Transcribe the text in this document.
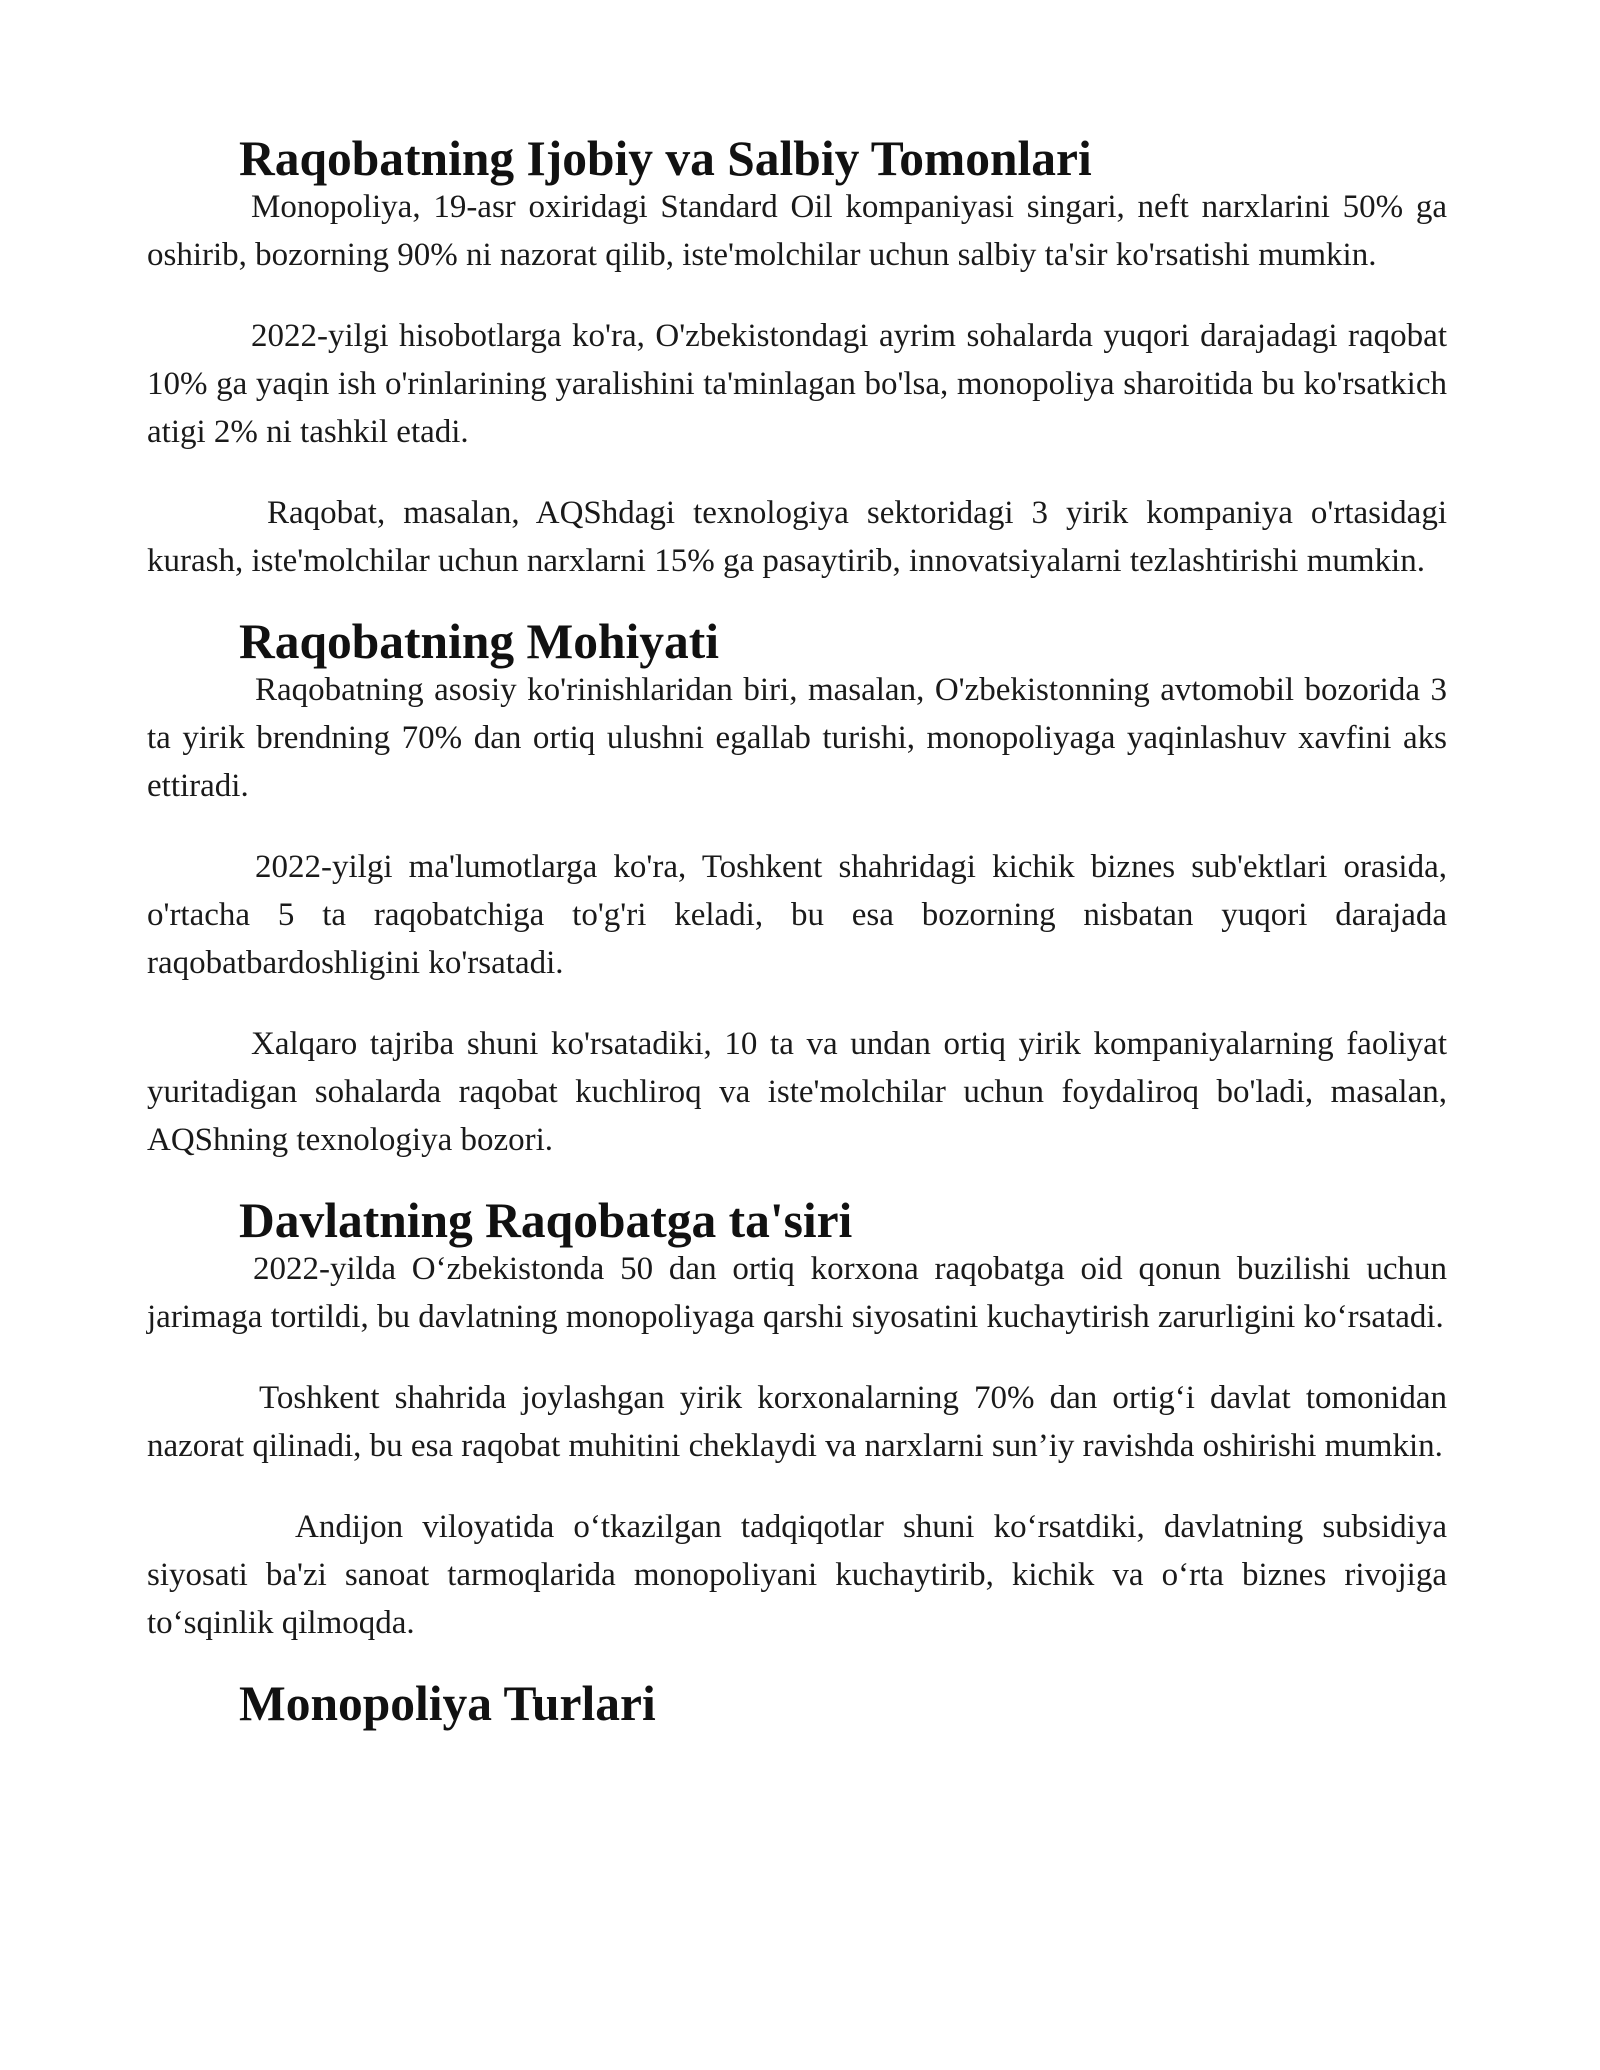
Raqobatning Ijobiy va Salbiy Tomonlari

Monopoliya, 19-asr oxiridagi Standard Oil kompaniyasi singari, neft narxlarini 50% ga oshirib, bozorning 90% ni nazorat qilib, iste'molchilar uchun salbiy ta'sir ko'rsatishi mumkin.

2022-yilgi hisobotlarga ko'ra, O'zbekistondagi ayrim sohalarda yuqori darajadagi raqobat 10% ga yaqin ish o'rinlarining yaralishini ta'minlagan bo'lsa, monopoliya sharoitida bu ko'rsatkich atigi 2% ni tashkil etadi.

Raqobat, masalan, AQShdagi texnologiya sektoridagi 3 yirik kompaniya o'rtasidagi kurash, iste'molchilar uchun narxlarni 15% ga pasaytirib, innovatsiyalarni tezlashtirishi mumkin.

Raqobatning Mohiyati

Raqobatning asosiy ko'rinishlaridan biri, masalan, O'zbekistonning avtomobil bozorida 3 ta yirik brendning 70% dan ortiq ulushni egallab turishi, monopoliyaga yaqinlashuv xavfini aks ettiradi.

2022-yilgi ma'lumotlarga ko'ra, Toshkent shahridagi kichik biznes sub'ektlari orasida, o'rtacha 5 ta raqobatchiga to'g'ri keladi, bu esa bozorning nisbatan yuqori darajada raqobatbardoshligini ko'rsatadi.

Xalqaro tajriba shuni ko'rsatadiki, 10 ta va undan ortiq yirik kompaniyalarning faoliyat yuritadigan sohalarda raqobat kuchliroq va iste'molchilar uchun foydaliroq bo'ladi, masalan, AQShning texnologiya bozori.

Davlatning Raqobatga ta'siri

2022-yilda O‘zbekistonda 50 dan ortiq korxona raqobatga oid qonun buzilishi uchun jarimaga tortildi, bu davlatning monopoliyaga qarshi siyosatini kuchaytirish zarurligini ko‘rsatadi.

Toshkent shahrida joylashgan yirik korxonalarning 70% dan ortig‘i davlat tomonidan nazorat qilinadi, bu esa raqobat muhitini cheklaydi va narxlarni sun’iy ravishda oshirishi mumkin.

Andijon viloyatida o‘tkazilgan tadqiqotlar shuni ko‘rsatdiki, davlatning subsidiya siyosati ba'zi sanoat tarmoqlarida monopoliyani kuchaytirib, kichik va o‘rta biznes rivojiga to‘sqinlik qilmoqda.

Monopoliya Turlari
